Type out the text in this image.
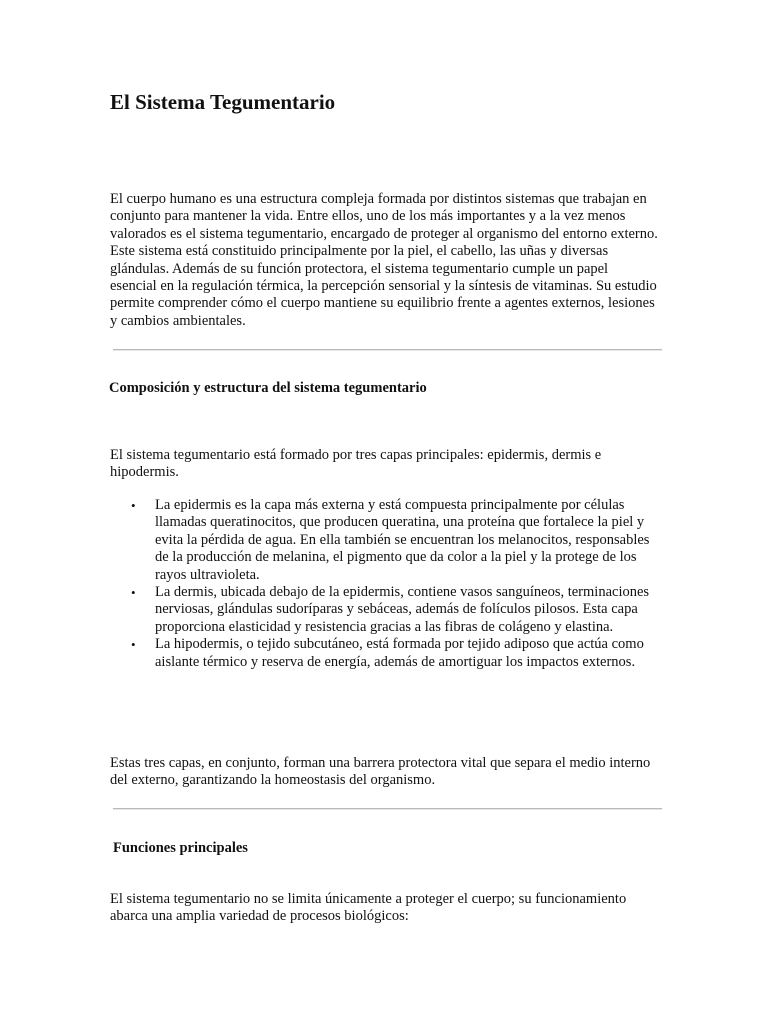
El Sistema Tegumentario

El cuerpo humano es una estructura compleja formada por distintos sistemas que trabajan en conjunto para mantener la vida. Entre ellos, uno de los más importantes y a la vez menos valorados es el sistema tegumentario, encargado de proteger al organismo del entorno externo. Este sistema está constituido principalmente por la piel, el cabello, las uñas y diversas glándulas. Además de su función protectora, el sistema tegumentario cumple un papel esencial en la regulación térmica, la percepción sensorial y la síntesis de vitaminas. Su estudio permite comprender cómo el cuerpo mantiene su equilibrio frente a agentes externos, lesiones y cambios ambientales.

Composición y estructura del sistema tegumentario

El sistema tegumentario está formado por tres capas principales: epidermis, dermis e hipodermis.

• La epidermis es la capa más externa y está compuesta principalmente por células llamadas queratinocitos, que producen queratina, una proteína que fortalece la piel y evita la pérdida de agua. En ella también se encuentran los melanocitos, responsables de la producción de melanina, el pigmento que da color a la piel y la protege de los rayos ultravioleta.
• La dermis, ubicada debajo de la epidermis, contiene vasos sanguíneos, terminaciones nerviosas, glándulas sudoríparas y sebáceas, además de folículos pilosos. Esta capa proporciona elasticidad y resistencia gracias a las fibras de colágeno y elastina.
• La hipodermis, o tejido subcutáneo, está formada por tejido adiposo que actúa como aislante térmico y reserva de energía, además de amortiguar los impactos externos.

Estas tres capas, en conjunto, forman una barrera protectora vital que separa el medio interno del externo, garantizando la homeostasis del organismo.

Funciones principales

El sistema tegumentario no se limita únicamente a proteger el cuerpo; su funcionamiento abarca una amplia variedad de procesos biológicos:
